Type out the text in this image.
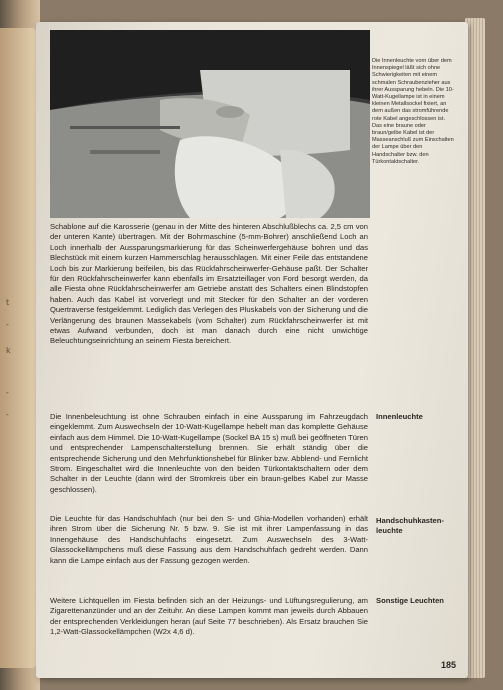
t
-
k
-
-
Die Innenleuchte vorn über dem Innenspiegel läßt sich ohne Schwierigkeiten mit einem schmalen Schraubenzieher aus ihrer Aussparung hebeln. Die 10-Watt-Kugellampe ist in einem kleinen Metallsockel fixiert, an dem außen das stromführende rote Kabel angeschlossen ist. Das eine braune oder braun/gelbe Kabel ist der Masseanschluß zum Einschalten der Lampe über den Handschalter bzw. den Türkontaktschalter.
Schablone auf die Karosserie (genau in der Mitte des hinteren Abschlußblechs ca. 2,5 cm von der unteren Kante) übertragen. Mit der Bohrmaschine (5-mm-Bohrer) anschließend Loch an Loch innerhalb der Aussparungsmarkierung für das Scheinwerfergehäuse bohren und das Blechstück mit einem kurzen Hammerschlag herausschlagen. Mit einer Feile das entstandene Loch bis zur Markierung beifeilen, bis das Rückfahrscheinwerfer-Gehäuse paßt. Der Schalter für den Rückfahrscheinwerfer kann ebenfalls im Ersatzteillager von Ford besorgt werden, da alle Fiesta ohne Rückfahrscheinwerfer am Getriebe anstatt des Schalters einen Blindstopfen haben. Auch das Kabel ist vorverlegt und mit Stecker für den Schalter an der vorderen Quertraverse festgeklemmt. Lediglich das Verlegen des Pluskabels von der Sicherung und die Verlängerung des braunen Massekabels (vom Schalter) zum Rückfahrscheinwerfer ist mit etwas Aufwand verbunden, doch ist man danach durch eine nicht unwichtige Beleuchtungseinrichtung an seinem Fiesta bereichert.
Innenleuchte
Die Innenbeleuchtung ist ohne Schrauben einfach in eine Aussparung im Fahrzeugdach eingeklemmt. Zum Auswechseln der 10-Watt-Kugellampe hebelt man das komplette Gehäuse einfach aus dem Himmel. Die 10-Watt-Kugellampe (Sockel BA 15 s) muß bei geöffneten Türen und entsprechender Lampenschalterstellung brennen. Sie erhält ständig über die entsprechende Sicherung und den Mehrfunktionshebel für Blinker bzw. Abblend- und Fernlicht Strom. Eingeschaltet wird die Innenleuchte von den beiden Türkontaktschaltern oder dem Schalter in der Leuchte (dann wird der Stromkreis über ein braun-gelbes Kabel zur Masse geschlossen).
Handschuhkasten-
leuchte
Die Leuchte für das Handschuhfach (nur bei den S- und Ghia-Modellen vorhanden) erhält ihren Strom über die Sicherung Nr. 5 bzw. 9. Sie ist mit ihrer Lampenfassung in das Innengehäuse des Handschuhfachs eingesetzt. Zum Auswechseln des 3-Watt-Glassockellämpchens muß diese Fassung aus dem Handschuhfach gedreht werden. Dann kann die Lampe einfach aus der Fassung gezogen werden.
Sonstige Leuchten
Weitere Lichtquellen im Fiesta befinden sich an der Heizungs- und Lüftungsregulierung, am Zigarettenanzünder und an der Zeituhr. An diese Lampen kommt man jeweils durch Abbauen der entsprechenden Verkleidungen heran (auf Seite 77 beschrieben). Als Ersatz brauchen Sie 1,2-Watt-Glassockellämpchen (W2x 4,6 d).
185
